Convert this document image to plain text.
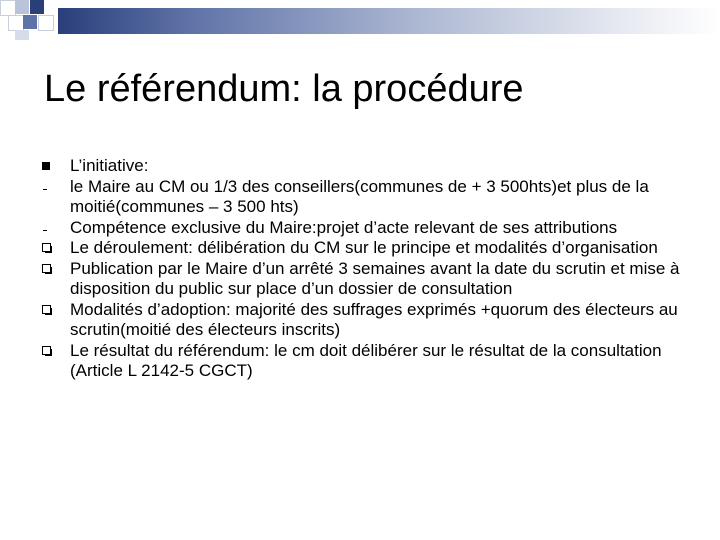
Le référendum: la procédure
L’initiative:
le Maire au CM ou 1/3 des conseillers(communes de + 3 500hts)et plus de la moitié(communes – 3 500 hts)
Compétence exclusive du Maire:projet d’acte relevant de ses attributions
Le déroulement: délibération du CM sur le principe et modalités d’organisation
Publication par le Maire d’un arrêté 3 semaines avant la date du scrutin et mise à disposition du public sur place d’un dossier de consultation
Modalités d’adoption: majorité des suffrages exprimés +quorum des électeurs au scrutin(moitié des électeurs inscrits)
Le résultat du référendum: le cm doit délibérer sur le résultat de la consultation (Article L 2142-5 CGCT)
